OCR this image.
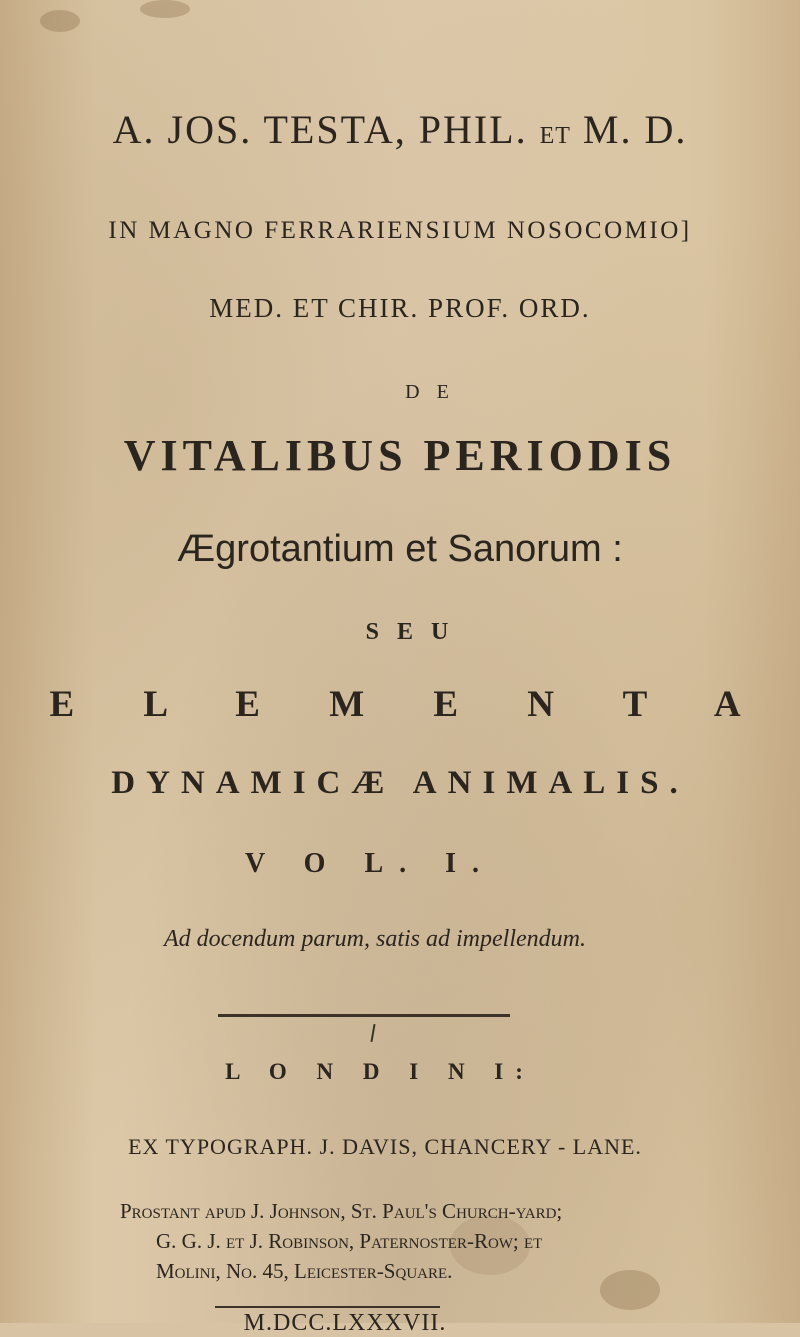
A. JOS. TESTA, PHIL. ET M. D.
IN MAGNO FERRARIENSIUM NOSOCOMIO]
MED. ET CHIR. PROF. ORD.
D E
VITALIBUS PERIODIS
Ægrotantium et Sanorum :
S E U
E L E M E N T A
DYNAMICÆ ANIMALIS.
V O L. I.
Ad docendum parum, satis ad impellendum.
L O N D I N I:
EX TYPOGRAPH. J. DAVIS, CHANCERY - LANE.
Prostant apud J. Johnson, St. Paul's Church-yard;
G. G. J. et J. Robinson, Paternoster-Row; et
Molini, No. 45, Leicester-Square.
M.DCC.LXXXVII.
